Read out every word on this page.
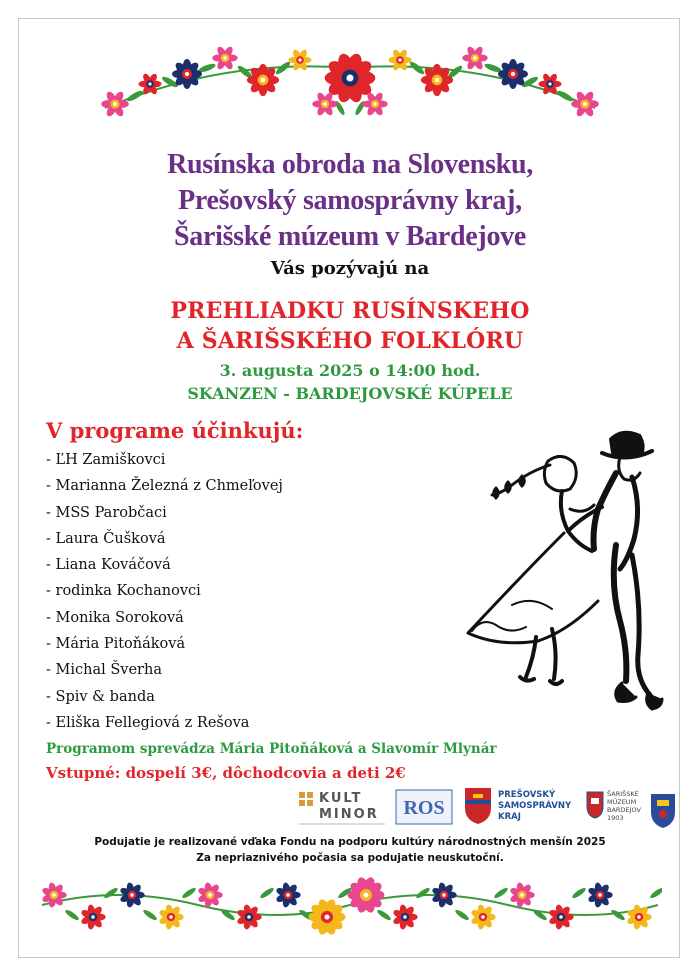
Rusínska obroda na Slovensku,
Prešovský samosprávny kraj,
Šarišské múzeum v Bardejove
Vás pozývajú na
PREHLIADKU RUSÍNSKEHO
A ŠARIŠSKÉHO FOLKLÓRU
3. augusta 2025 o 14:00 hod.
SKANZEN - BARDEJOVSKÉ KÚPELE
V programe účinkujú:
- ĽH Zamiškovci
- Marianna Železná z Chmeľovej
- MSS Parobčaci
- Laura Čušková
- Liana Kováčová
- rodinka Kochanovci
- Monika Soroková
- Mária Pitoňáková
- Michal Šverha
- Spiv & banda
- Eliška Fellegiová z Rešova
Programom sprevádza Mária Pitoňáková a Slavomír Mlynár
Vstupné: dospelí 3€, dôchodcovia a deti 2€
KULT
MINOR ROS
PREŠOVSKÝ
SAMOSPRÁVNY
KRAJ
ŠARIŠSKÉ
MÚZEUM
BARDEJOV
1903
Podujatie je realizované vďaka Fondu na podporu kultúry národnostných menšín 2025
Za nepriaznivého počasia sa podujatie neuskutoční.
